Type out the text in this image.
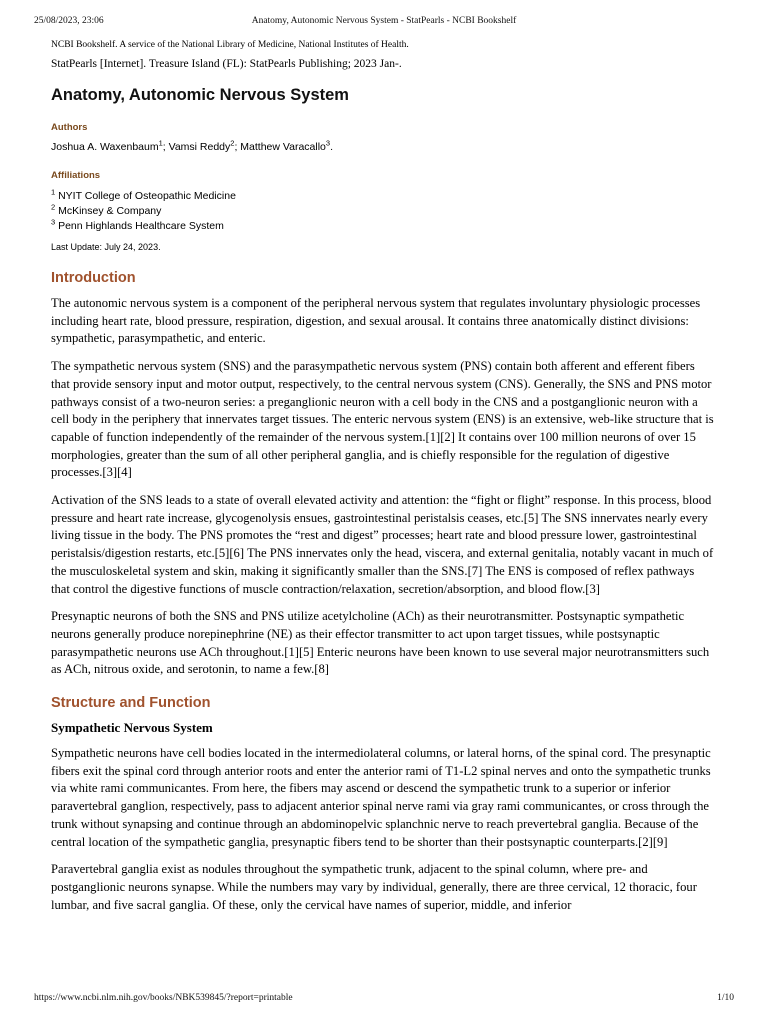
25/08/2023, 23:06	Anatomy, Autonomic Nervous System - StatPearls - NCBI Bookshelf
NCBI Bookshelf. A service of the National Library of Medicine, National Institutes of Health.
StatPearls [Internet]. Treasure Island (FL): StatPearls Publishing; 2023 Jan-.
Anatomy, Autonomic Nervous System
Authors
Joshua A. Waxenbaum$^1$; Vamsi Reddy$^2$; Matthew Varacallo$^3$.
Affiliations
$^1$ NYIT College of Osteopathic Medicine
$^2$ McKinsey & Company
$^3$ Penn Highlands Healthcare System
Last Update: July 24, 2023.
Introduction

The autonomic nervous system is a component of the peripheral nervous system that regulates involuntary physiologic processes including heart rate, blood pressure, respiration, digestion, and sexual arousal. It contains three anatomically distinct divisions: sympathetic, parasympathetic, and enteric.

The sympathetic nervous system (SNS) and the parasympathetic nervous system (PNS) contain both afferent and efferent fibers that provide sensory input and motor output, respectively, to the central nervous system (CNS). Generally, the SNS and PNS motor pathways consist of a two-neuron series: a preganglionic neuron with a cell body in the CNS and a postganglionic neuron with a cell body in the periphery that innervates target tissues. The enteric nervous system (ENS) is an extensive, web-like structure that is capable of function independently of the remainder of the nervous system.[1][2] It contains over 100 million neurons of over 15 morphologies, greater than the sum of all other peripheral ganglia, and is chiefly responsible for the regulation of digestive processes.[3][4]

Activation of the SNS leads to a state of overall elevated activity and attention: the “fight or flight” response. In this process, blood pressure and heart rate increase, glycogenolysis ensues, gastrointestinal peristalsis ceases, etc.[5] The SNS innervates nearly every living tissue in the body. The PNS promotes the “rest and digest” processes; heart rate and blood pressure lower, gastrointestinal peristalsis/digestion restarts, etc.[5][6] The PNS innervates only the head, viscera, and external genitalia, notably vacant in much of the musculoskeletal system and skin, making it significantly smaller than the SNS.[7] The ENS is composed of reflex pathways that control the digestive functions of muscle contraction/relaxation, secretion/absorption, and blood flow.[3]

Presynaptic neurons of both the SNS and PNS utilize acetylcholine (ACh) as their neurotransmitter. Postsynaptic sympathetic neurons generally produce norepinephrine (NE) as their effector transmitter to act upon target tissues, while postsynaptic parasympathetic neurons use ACh throughout.[1][5] Enteric neurons have been known to use several major neurotransmitters such as ACh, nitrous oxide, and serotonin, to name a few.[8]

Structure and Function
Sympathetic Nervous System

Sympathetic neurons have cell bodies located in the intermediolateral columns, or lateral horns, of the spinal cord. The presynaptic fibers exit the spinal cord through anterior roots and enter the anterior rami of T1-L2 spinal nerves and onto the sympathetic trunks via white rami communicantes. From here, the fibers may ascend or descend the sympathetic trunk to a superior or inferior paravertebral ganglion, respectively, pass to adjacent anterior spinal nerve rami via gray rami communicantes, or cross through the trunk without synapsing and continue through an abdominopelvic splanchnic nerve to reach prevertebral ganglia. Because of the central location of the sympathetic ganglia, presynaptic fibers tend to be shorter than their postsynaptic counterparts.[2][9]

Paravertebral ganglia exist as nodules throughout the sympathetic trunk, adjacent to the spinal column, where pre- and postganglionic neurons synapse. While the numbers may vary by individual, generally, there are three cervical, 12 thoracic, four lumbar, and five sacral ganglia. Of these, only the cervical have names of superior, middle, and inferior

https://www.ncbi.nlm.nih.gov/books/NBK539845/?report=printable	1/10
